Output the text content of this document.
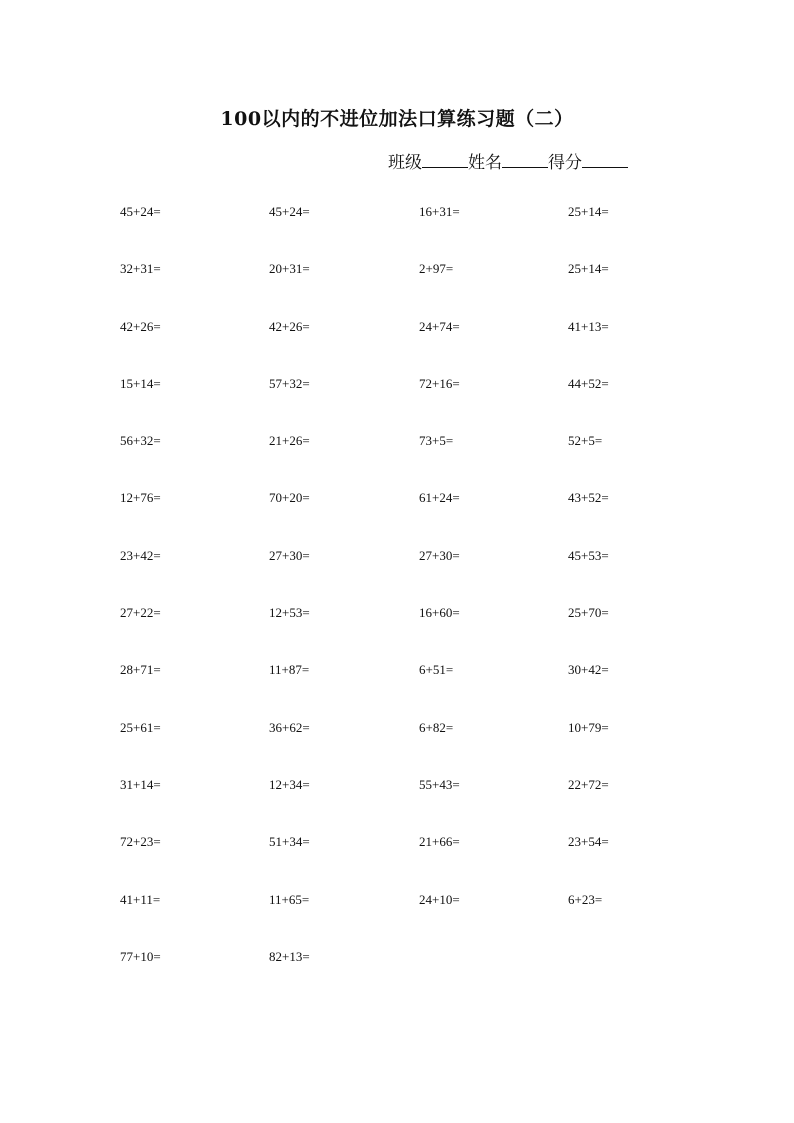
100以内的不进位加法口算练习题（二）
班级	姓名	得分
45+24=	45+24=	16+31=	25+14=
32+31=	20+31=	2+97=	25+14=
42+26=	42+26=	24+74=	41+13=
15+14=	57+32=	72+16=	44+52=
56+32=	21+26=	73+5=	52+5=
12+76=	70+20=	61+24=	43+52=
23+42=	27+30=	27+30=	45+53=
27+22=	12+53=	16+60=	25+70=
28+71=	11+87=	6+51=	30+42=
25+61=	36+62=	6+82=	10+79=
31+14=	12+34=	55+43=	22+72=
72+23=	51+34=	21+66=	23+54=
41+11=	11+65=	24+10=	6+23=
77+10=	82+13=
